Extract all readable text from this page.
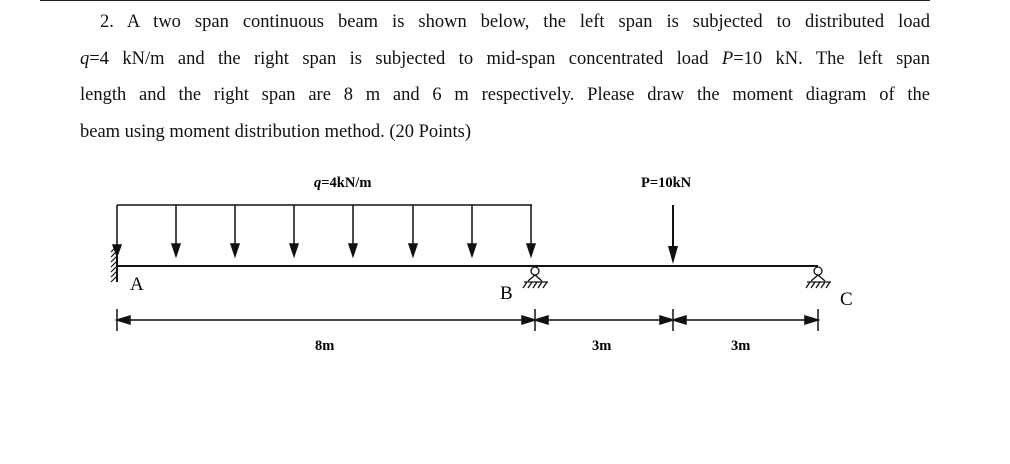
2. A two span continuous beam is shown below, the left span is subjected to distributed load
q=4 kN/m and the right span is subjected to mid-span concentrated load P=10 kN. The left span
length and the right span are 8 m and 6 m respectively. Please draw the moment diagram of the
beam using moment distribution method. (20 Points)
q=4kN/m	P=10kN
A	B	C
8m	3m	3m
